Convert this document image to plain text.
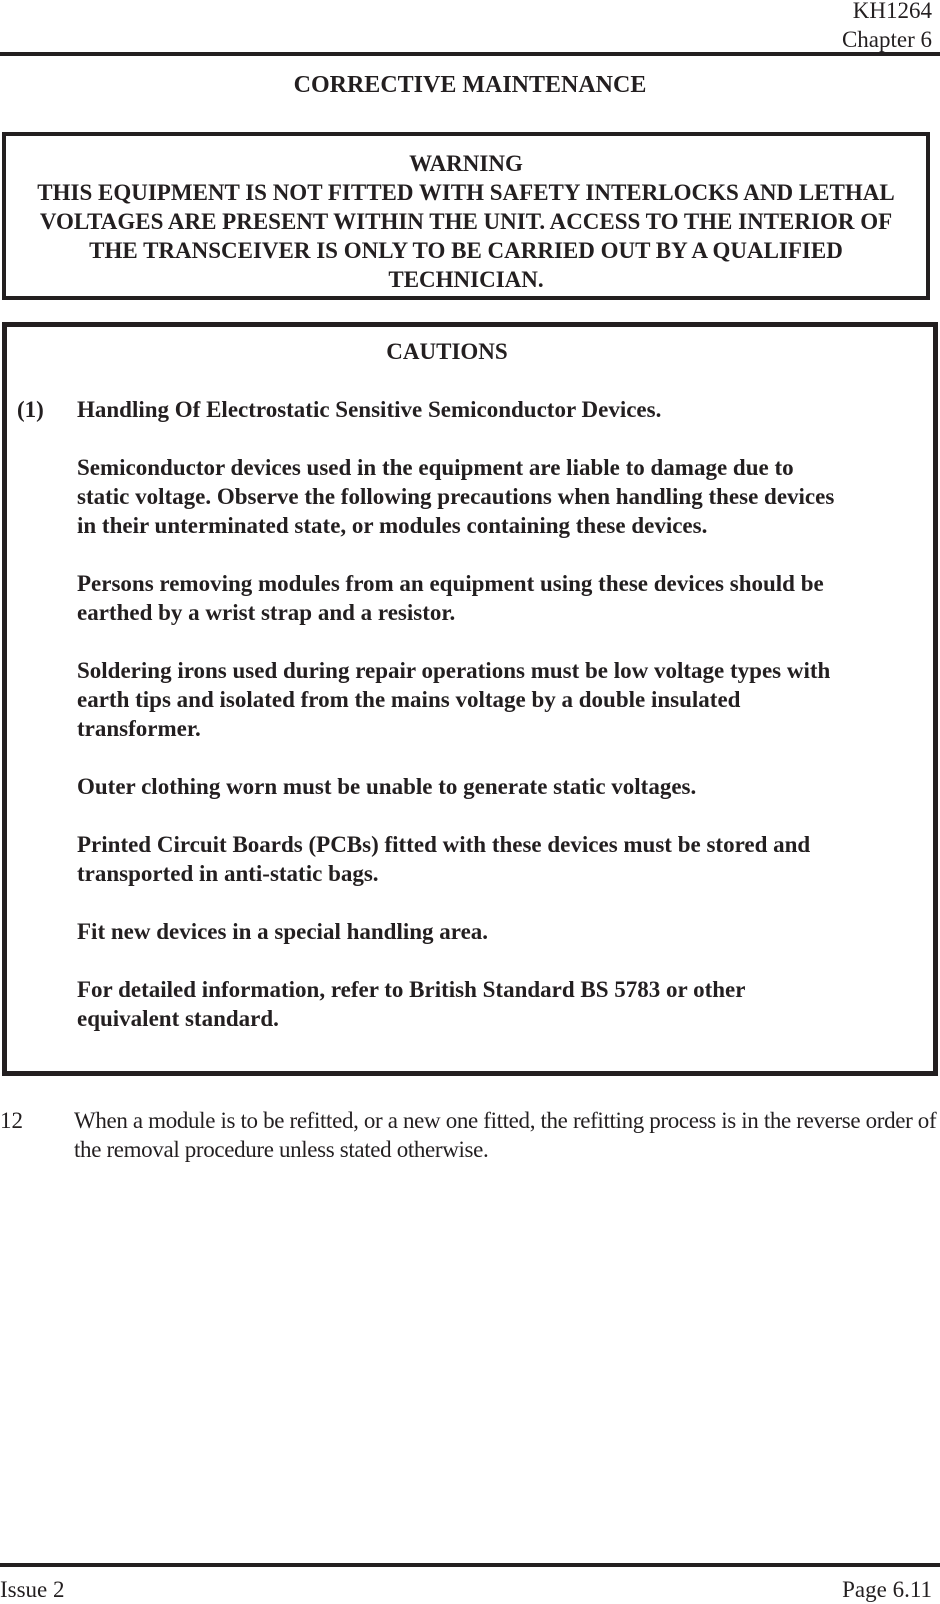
KH1264
Chapter 6
CORRECTIVE MAINTENANCE
WARNING
THIS EQUIPMENT IS NOT FITTED WITH SAFETY INTERLOCKS AND LETHAL VOLTAGES ARE PRESENT WITHIN THE UNIT. ACCESS TO THE INTERIOR OF THE TRANSCEIVER IS ONLY TO BE CARRIED OUT BY A QUALIFIED TECHNICIAN.
CAUTIONS
(1) Handling Of Electrostatic Sensitive Semiconductor Devices.

Semiconductor devices used in the equipment are liable to damage due to static voltage. Observe the following precautions when handling these devices in their unterminated state, or modules containing these devices.

Persons removing modules from an equipment using these devices should be earthed by a wrist strap and a resistor.

Soldering irons used during repair operations must be low voltage types with earth tips and isolated from the mains voltage by a double insulated transformer.

Outer clothing worn must be unable to generate static voltages.

Printed Circuit Boards (PCBs) fitted with these devices must be stored and transported in anti-static bags.

Fit new devices in a special handling area.

For detailed information, refer to British Standard BS 5783 or other equivalent standard.

12 When a module is to be refitted, or a new one fitted, the refitting process is in the reverse order of the removal procedure unless stated otherwise.
Issue 2	Page 6.11
